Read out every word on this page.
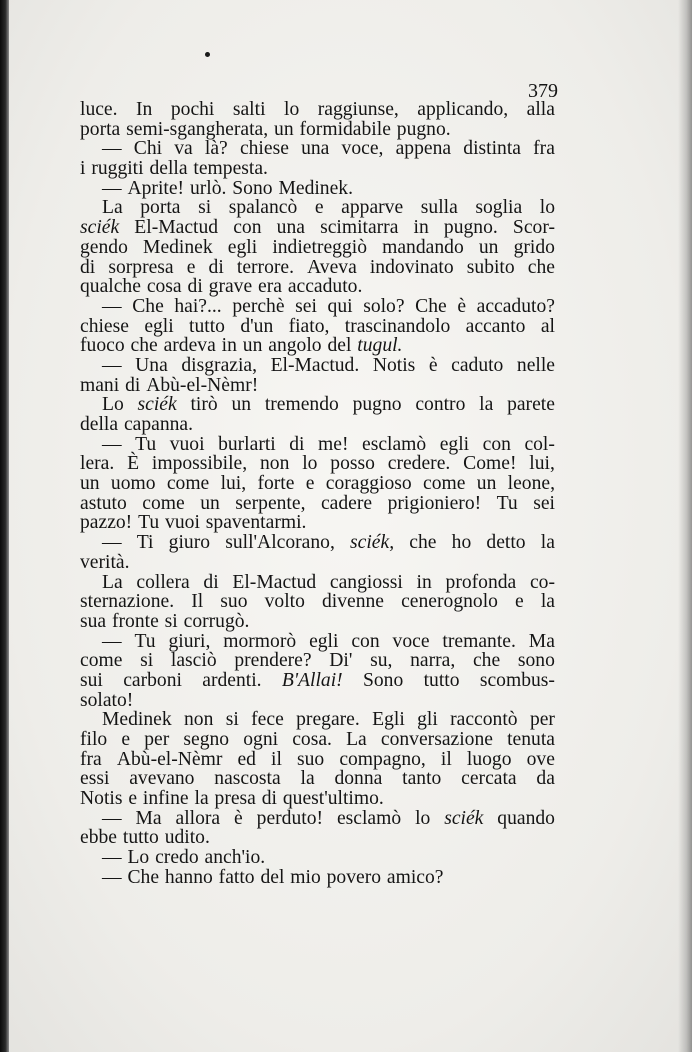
379
luce. In pochi salti lo raggiunse, applicando, alla
porta semi-sgangherata, un formidabile pugno.
— Chi va là? chiese una voce, appena distinta fra
i ruggiti della tempesta.
— Aprite! urlò. Sono Medinek.
La porta si spalancò e apparve sulla soglia lo
sciék El-Mactud con una scimitarra in pugno. Scor-
gendo Medinek egli indietreggiò mandando un grido
di sorpresa e di terrore. Aveva indovinato subito che
qualche cosa di grave era accaduto.
— Che hai?... perchè sei qui solo? Che è accaduto?
chiese egli tutto d'un fiato, trascinandolo accanto al
fuoco che ardeva in un angolo del tugul.
— Una disgrazia, El-Mactud. Notis è caduto nelle
mani di Abù-el-Nèmr!
Lo sciék tirò un tremendo pugno contro la parete
della capanna.
— Tu vuoi burlarti di me! esclamò egli con col-
lera. È impossibile, non lo posso credere. Come! lui,
un uomo come lui, forte e coraggioso come un leone,
astuto come un serpente, cadere prigioniero! Tu sei
pazzo! Tu vuoi spaventarmi.
— Ti giuro sull'Alcorano, sciék, che ho detto la
verità.
La collera di El-Mactud cangiossi in profonda co-
sternazione. Il suo volto divenne cenerognolo e la
sua fronte si corrugò.
— Tu giuri, mormorò egli con voce tremante. Ma
come si lasciò prendere? Di' su, narra, che sono
sui carboni ardenti. B'Allai! Sono tutto scombus-
solato!
Medinek non si fece pregare. Egli gli raccontò per
filo e per segno ogni cosa. La conversazione tenuta
fra Abù-el-Nèmr ed il suo compagno, il luogo ove
essi avevano nascosta la donna tanto cercata da
Notis e infine la presa di quest'ultimo.
— Ma allora è perduto! esclamò lo sciék quando
ebbe tutto udito.
— Lo credo anch'io.
— Che hanno fatto del mio povero amico?
